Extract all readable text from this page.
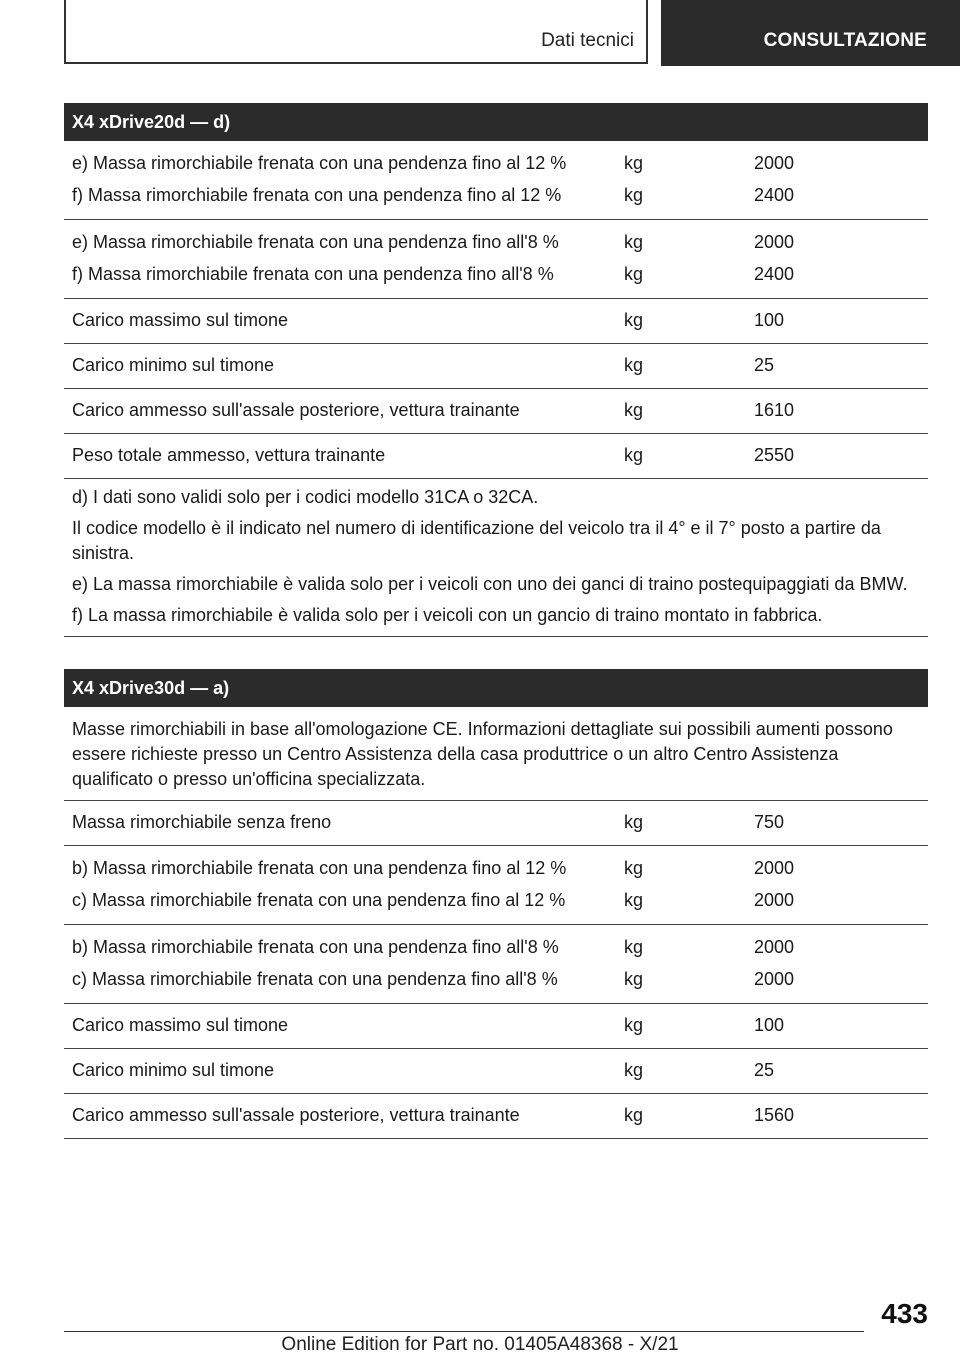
Dati tecnici	CONSULTAZIONE
X4 xDrive20d — d)
e) Massa rimorchiabile frenata con una pendenza fino al 12 %	kg	2000
f) Massa rimorchiabile frenata con una pendenza fino al 12 %	kg	2400
e) Massa rimorchiabile frenata con una pendenza fino all'8 %	kg	2000
f) Massa rimorchiabile frenata con una pendenza fino all'8 %	kg	2400
Carico massimo sul timone	kg	100
Carico minimo sul timone	kg	25
Carico ammesso sull'assale posteriore, vettura trainante	kg	1610
Peso totale ammesso, vettura trainante	kg	2550

d) I dati sono validi solo per i codici modello 31CA o 32CA.

Il codice modello è il indicato nel numero di identificazione del veicolo tra il 4° e il 7° posto a partire da sinistra.

e) La massa rimorchiabile è valida solo per i veicoli con uno dei ganci di traino postequipaggiati da BMW.

f) La massa rimorchiabile è valida solo per i veicoli con un gancio di traino montato in fabbrica.

X4 xDrive30d — a)
Masse rimorchiabili in base all'omologazione CE. Informazioni dettagliate sui possibili aumenti possono essere richieste presso un Centro Assistenza della casa produttrice o un altro Centro Assistenza qualificato o presso un'officina specializzata.
Massa rimorchiabile senza freno	kg	750
b) Massa rimorchiabile frenata con una pendenza fino al 12 %	kg	2000
c) Massa rimorchiabile frenata con una pendenza fino al 12 %	kg	2000
b) Massa rimorchiabile frenata con una pendenza fino all'8 %	kg	2000
c) Massa rimorchiabile frenata con una pendenza fino all'8 %	kg	2000
Carico massimo sul timone	kg	100
Carico minimo sul timone	kg	25
Carico ammesso sull'assale posteriore, vettura trainante	kg	1560
433
Online Edition for Part no. 01405A48368 - X/21
